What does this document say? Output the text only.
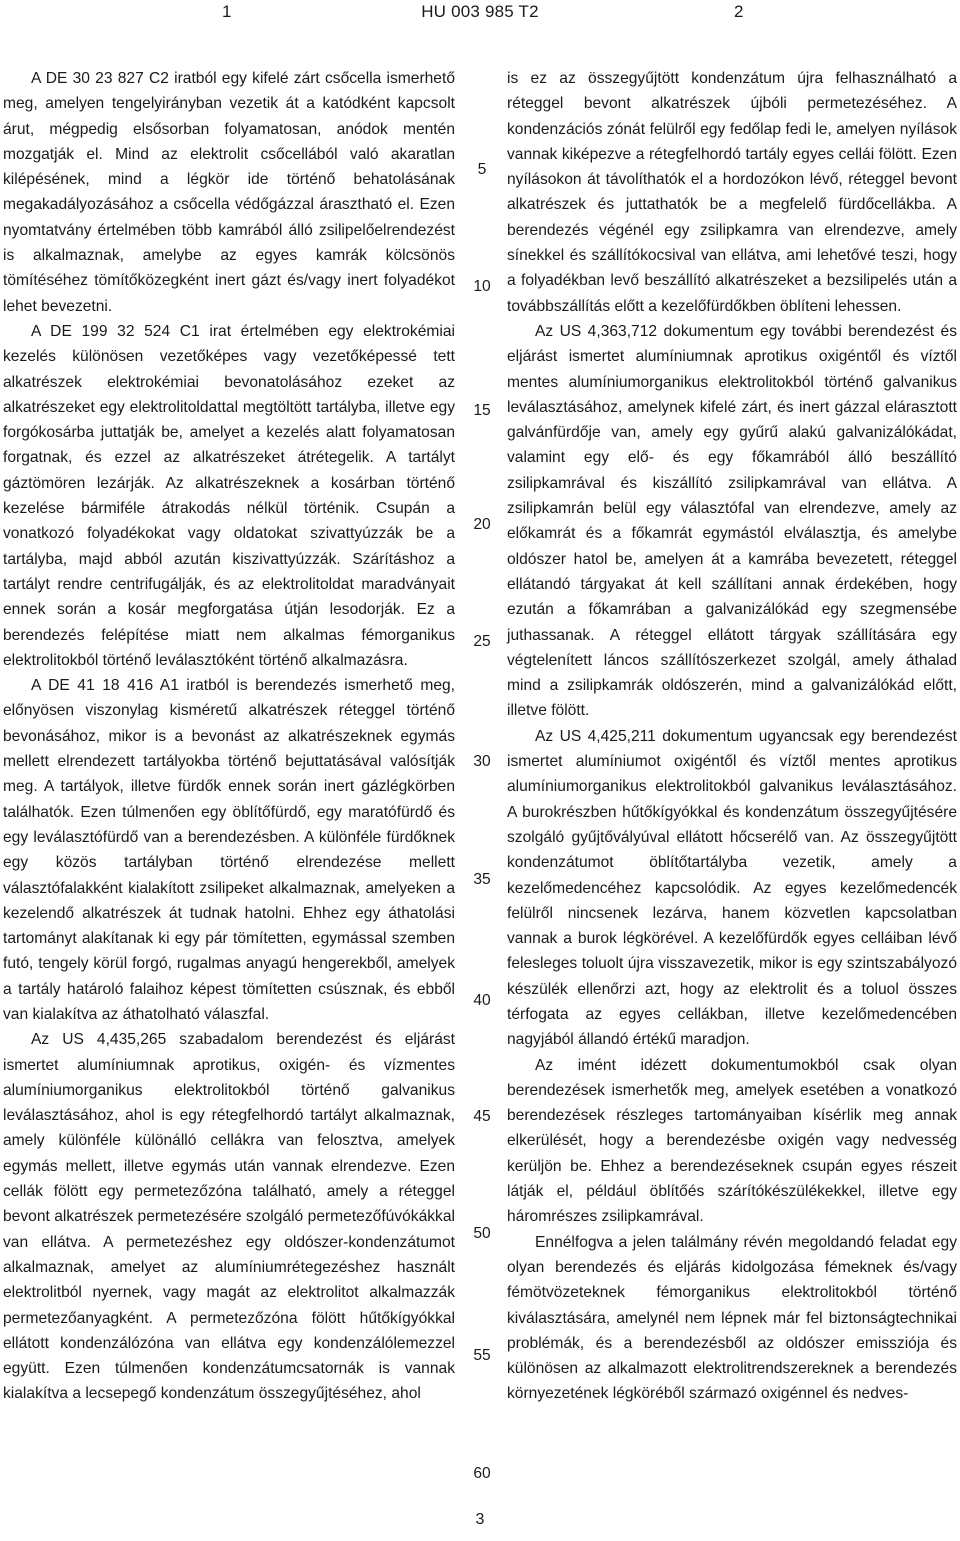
1	HU 003 985 T2	2

A DE 30 23 827 C2 iratból egy kifelé zárt csőcella ismerhető meg, amelyen tengelyirányban vezetik át a katódként kapcsolt árut, mégpedig elsősorban folyamatosan, anódok mentén mozgatják el. Mind az elektrolit csőcellából való akaratlan kilépésének, mind a légkör ide történő behatolásának megakadályozásához a csőcella védőgázzal árasztható el. Ezen nyomtatvány értelmében több kamrából álló zsilipelőelrendezést is alkalmaznak, amelybe az egyes kamrák kölcsönös tömítéséhez tömítőközegként inert gázt és/vagy inert folyadékot lehet bevezetni.

A DE 199 32 524 C1 irat értelmében egy elektrokémiai kezelés különösen vezetőképes vagy vezetőképessé tett alkatrészek elektrokémiai bevonatolásához ezeket az alkatrészeket egy elektrolitoldattal megtöltött tartályba, illetve egy forgókosárba juttatják be, amelyet a kezelés alatt folyamatosan forgatnak, és ezzel az alkatrészeket átrétegelik. A tartályt gáztömören lezárják. Az alkatrészeknek a kosárban történő kezelése bármiféle átrakodás nélkül történik. Csupán a vonatkozó folyadékokat vagy oldatokat szivattyúzzák be a tartályba, majd abból azután kiszivattyúzzák. Szárításhoz a tartályt rendre centrifugálják, és az elektrolitoldat maradványait ennek során a kosár megforgatása útján lesodorják. Ez a berendezés felépítése miatt nem alkalmas fémorganikus elektrolitokból történő leválasztóként történő alkalmazásra.

A DE 41 18 416 A1 iratból is berendezés ismerhető meg, előnyösen viszonylag kisméretű alkatrészek réteggel történő bevonásához, mikor is a bevonást az alkatrészeknek egymás mellett elrendezett tartályokba történő bejuttatásával valósítják meg. A tartályok, illetve fürdők ennek során inert gázlégkörben találhatók. Ezen túlmenően egy öblítőfürdő, egy maratófürdő és egy leválasztófürdő van a berendezésben. A különféle fürdőknek egy közös tartályban történő elrendezése mellett választófalakként kialakított zsilipeket alkalmaznak, amelyeken a kezelendő alkatrészek át tudnak hatolni. Ehhez egy áthatolási tartományt alakítanak ki egy pár tömítetten, egymással szemben futó, tengely körül forgó, rugalmas anyagú hengerekből, amelyek a tartály határoló falaihoz képest tömítetten csúsznak, és ebből van kialakítva az áthatolható válaszfal.

Az US 4,435,265 szabadalom berendezést és eljárást ismertet alumíniumnak aprotikus, oxigén- és vízmentes alumíniumorganikus elektrolitokból történő galvanikus leválasztásához, ahol is egy rétegfelhordó tartályt alkalmaznak, amely különféle különálló cellákra van felosztva, amelyek egymás mellett, illetve egymás után vannak elrendezve. Ezen cellák fölött egy permetezőzóna található, amely a réteggel bevont alkatrészek permetezésére szolgáló permetezőfúvókákkal van ellátva. A permetezéshez egy oldószer-kondenzátumot alkalmaznak, amelyet az alumíniumrétegezéshez használt elektrolitból nyernek, vagy magát az elektrolitot alkalmazzák permetezőanyagként. A permetezőzóna fölött hűtőkígyókkal ellátott kondenzálózóna van ellátva egy kondenzálólemezzel együtt. Ezen túlmenően kondenzátumcsatornák is vannak kialakítva a lecsepegő kondenzátum összegyűjtéséhez, ahol

5
10
15
20
25
30
35
40
45
50
55
60

is ez az összegyűjtött kondenzátum újra felhasználható a réteggel bevont alkatrészek újbóli permetezéséhez. A kondenzációs zónát felülről egy fedőlap fedi le, amelyen nyílások vannak kiképezve a rétegfelhordó tartály egyes cellái fölött. Ezen nyílásokon át távolíthatók el a hordozókon lévő, réteggel bevont alkatrészek és juttathatók be a megfelelő fürdőcellákba. A berendezés végénél egy zsilipkamra van elrendezve, amely sínekkel és szállítókocsival van ellátva, ami lehetővé teszi, hogy a folyadékban levő beszállító alkatrészeket a bezsilipelés után a továbbszállítás előtt a kezelőfürdőkben öblíteni lehessen.

Az US 4,363,712 dokumentum egy további berendezést és eljárást ismertet alumíniumnak aprotikus oxigéntől és víztől mentes alumíniumorganikus elektrolitokból történő galvanikus leválasztásához, amelynek kifelé zárt, és inert gázzal elárasztott galvánfürdője van, amely egy gyűrű alakú galvanizálókádat, valamint egy elő- és egy főkamrából álló beszállító zsilipkamrával és kiszállító zsilipkamrával van ellátva. A zsilipkamrán belül egy választófal van elrendezve, amely az előkamrát és a főkamrát egymástól elválasztja, és amelybe oldószer hatol be, amelyen át a kamrába bevezetett, réteggel ellátandó tárgyakat át kell szállítani annak érdekében, hogy ezután a főkamrában a galvanizálókád egy szegmensébe juthassanak. A réteggel ellátott tárgyak szállítására egy végtelenített láncos szállítószerkezet szolgál, amely áthalad mind a zsilipkamrák oldószerén, mind a galvanizálókád előtt, illetve fölött.

Az US 4,425,211 dokumentum ugyancsak egy berendezést ismertet alumíniumot oxigéntől és víztől mentes aprotikus alumíniumorganikus elektrolitokból galvanikus leválasztásához. A burokrészben hűtőkígyókkal és kondenzátum összegyűjtésére szolgáló gyűjtővályúval ellátott hőcserélő van. Az összegyűjtött kondenzátumot öblítőtartályba vezetik, amely a kezelőmedencéhez kapcsolódik. Az egyes kezelőmedencék felülről nincsenek lezárva, hanem közvetlen kapcsolatban vannak a burok légkörével. A kezelőfürdők egyes celláiban lévő felesleges toluolt újra visszavezetik, mikor is egy szintszabályozó készülék ellenőrzi azt, hogy az elektrolit és a toluol összes térfogata az egyes cellákban, illetve kezelőmedencében nagyjából állandó értékű maradjon.

Az imént idézett dokumentumokból csak olyan berendezések ismerhetők meg, amelyek esetében a vonatkozó berendezések részleges tartományaiban kísérlik meg annak elkerülését, hogy a berendezésbe oxigén vagy nedvesség kerüljön be. Ehhez a berendezéseknek csupán egyes részeit látják el, például öblítőés szárítókészülékekkel, illetve egy háromrészes zsilipkamrával.

Ennélfogva a jelen találmány révén megoldandó feladat egy olyan berendezés és eljárás kidolgozása fémeknek és/vagy fémötvözeteknek fémorganikus elektrolitokból történő kiválasztására, amelynél nem lépnek már fel biztonságtechnikai problémák, és a berendezésből az oldószer emissziója és különösen az alkalmazott elektrolitrendszereknek a berendezés környezetének légköréből származó oxigénnel és nedves-

3
